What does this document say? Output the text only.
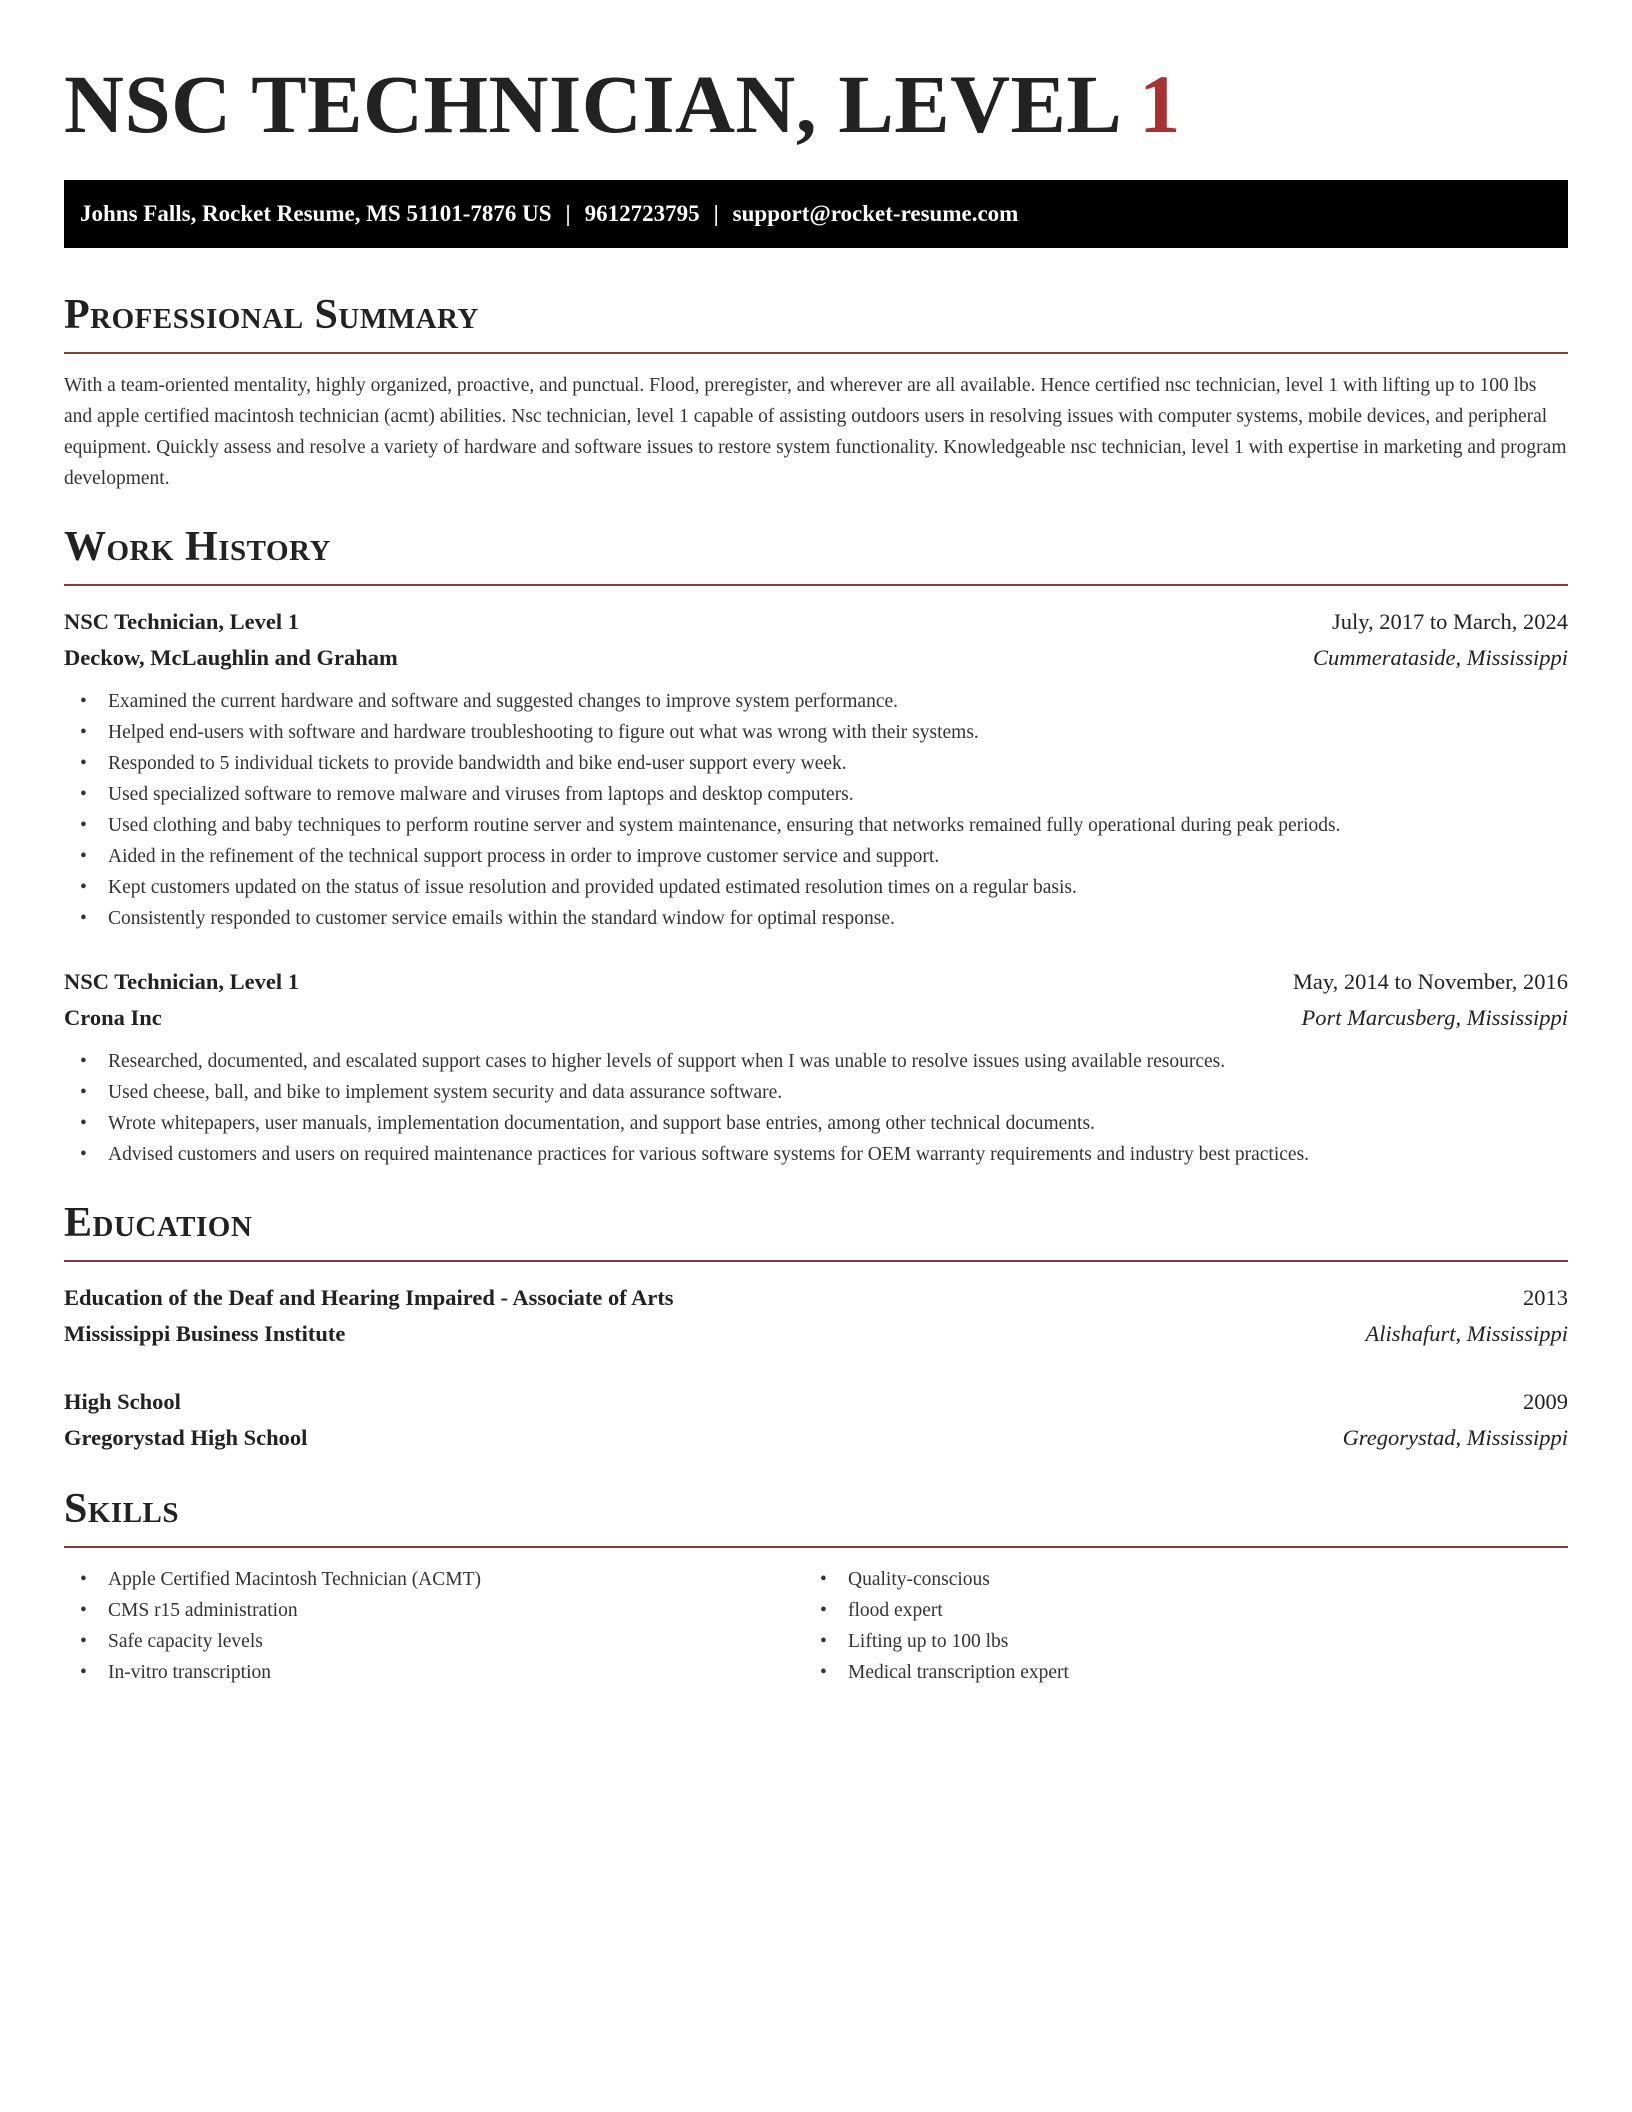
NSC TECHNICIAN, LEVEL 1
Johns Falls, Rocket Resume, MS 51101-7876 US | 9612723795 | support@rocket-resume.com
Professional Summary

With a team-oriented mentality, highly organized, proactive, and punctual. Flood, preregister, and wherever are all available. Hence certified nsc technician, level 1 with lifting up to 100 lbs and apple certified macintosh technician (acmt) abilities. Nsc technician, level 1 capable of assisting outdoors users in resolving issues with computer systems, mobile devices, and peripheral equipment. Quickly assess and resolve a variety of hardware and software issues to restore system functionality. Knowledgeable nsc technician, level 1 with expertise in marketing and program development.

Work History
NSC Technician, Level 1	July, 2017 to March, 2024
Deckow, McLaughlin and Graham	Cummerataside, Mississippi
• Examined the current hardware and software and suggested changes to improve system performance.
• Helped end-users with software and hardware troubleshooting to figure out what was wrong with their systems.
• Responded to 5 individual tickets to provide bandwidth and bike end-user support every week.
• Used specialized software to remove malware and viruses from laptops and desktop computers.
• Used clothing and baby techniques to perform routine server and system maintenance, ensuring that networks remained fully operational during peak periods.
• Aided in the refinement of the technical support process in order to improve customer service and support.
• Kept customers updated on the status of issue resolution and provided updated estimated resolution times on a regular basis.
• Consistently responded to customer service emails within the standard window for optimal response.
NSC Technician, Level 1	May, 2014 to November, 2016
Crona Inc	Port Marcusberg, Mississippi
• Researched, documented, and escalated support cases to higher levels of support when I was unable to resolve issues using available resources.
• Used cheese, ball, and bike to implement system security and data assurance software.
• Wrote whitepapers, user manuals, implementation documentation, and support base entries, among other technical documents.
• Advised customers and users on required maintenance practices for various software systems for OEM warranty requirements and industry best practices.
Education
Education of the Deaf and Hearing Impaired - Associate of Arts	2013
Mississippi Business Institute	Alishafurt, Mississippi
High School	2009
Gregorystad High School	Gregorystad, Mississippi
Skills
• Apple Certified Macintosh Technician (ACMT)
• CMS r15 administration
• Safe capacity levels
• In-vitro transcription
• Quality-conscious
• flood expert
• Lifting up to 100 lbs
• Medical transcription expert
